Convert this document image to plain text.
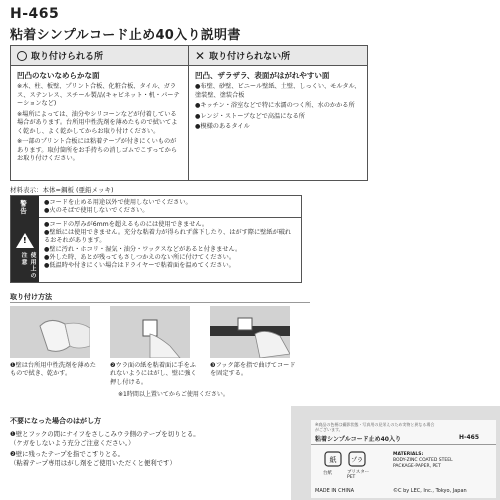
H-465
粘着シンプルコード止め40入り説明書
取り付けられる所
凹凸のないなめらかな面

※木、柱、板壁、プリント合板、化粧合板、タイル、ガラス、ステンレス、スチール製品(キャビネット・机・パーテーションなど)

※場所によっては、油分やシリコーンなどが付着している場合があります。台所用中性洗剤を薄めたもので拭いてよく乾かし、よく乾かしてからお取り付けください。

※一部のプリント合板には粘着テープが付きにくいものがあります。取付箇所をお手持ちの消しゴムでこすってからお取り付けください。

✕ 取り付けられない所
凹凸、ザラザラ、表面がはがれやすい面

●布壁、砂壁、ビニール壁紙、土壁、しっくい、モルタル、塗装壁、塗装合板

●キッチン・浴室などで特に水濡のつく所、水のかかる所

●レンジ・ストーブなどで高温になる所

●模様のあるタイル

材料表示：本体=鋼板 (亜鉛メッキ)
警告
!
使用上の注意
●コードを止める用途以外で使用しないでください。
●火のそばで使用しないでください。
●コードの厚みが6mmを超えるものには使用できません。
●壁紙には使用できません。充分な粘着力が得られず落下したり、はがす際に壁紙が破れるおそれがあります。
●壁に汚れ・ホコリ・湿気・油分・ワックスなどがあると付きません。
●外した時、あとが残ってもさしつかえのない所に付けてください。
●低温時や付きにくい場合はドライヤーで粘着面を温めてください。
取り付け方法
❶壁は台所用中性洗剤を薄めたもので拭き、乾かす。
❷ウラ面の紙を粘着面に手をふれないようにはがし、壁に強く押し付ける。
❸フック部を指で曲げてコードを固定する。
※1時間以上置いてからご使用ください。
不要になった場合のはがし方
❶壁とフックの間にナイフをさしこみウラ側のテープを切りとる。
（ケガをしないよう充分ご注意ください。）
❷壁に残ったテープを指でこすりとる。
（粘着テープ専用はがし剤をご使用いただくと便利です）
※商品の色柄は撮影状態・写真用の見栄えのため実物と異なる場合がございます。
粘着シンプルコード止め40入り	H-465
紙 プラ
台紙	ブリスター PET
MATERIALS:
BODY-ZINC COATED STEEL
PACKAGE-PAPER, PET
MADE IN CHINA	©C by LEC, Inc., Tokyo, Japan
